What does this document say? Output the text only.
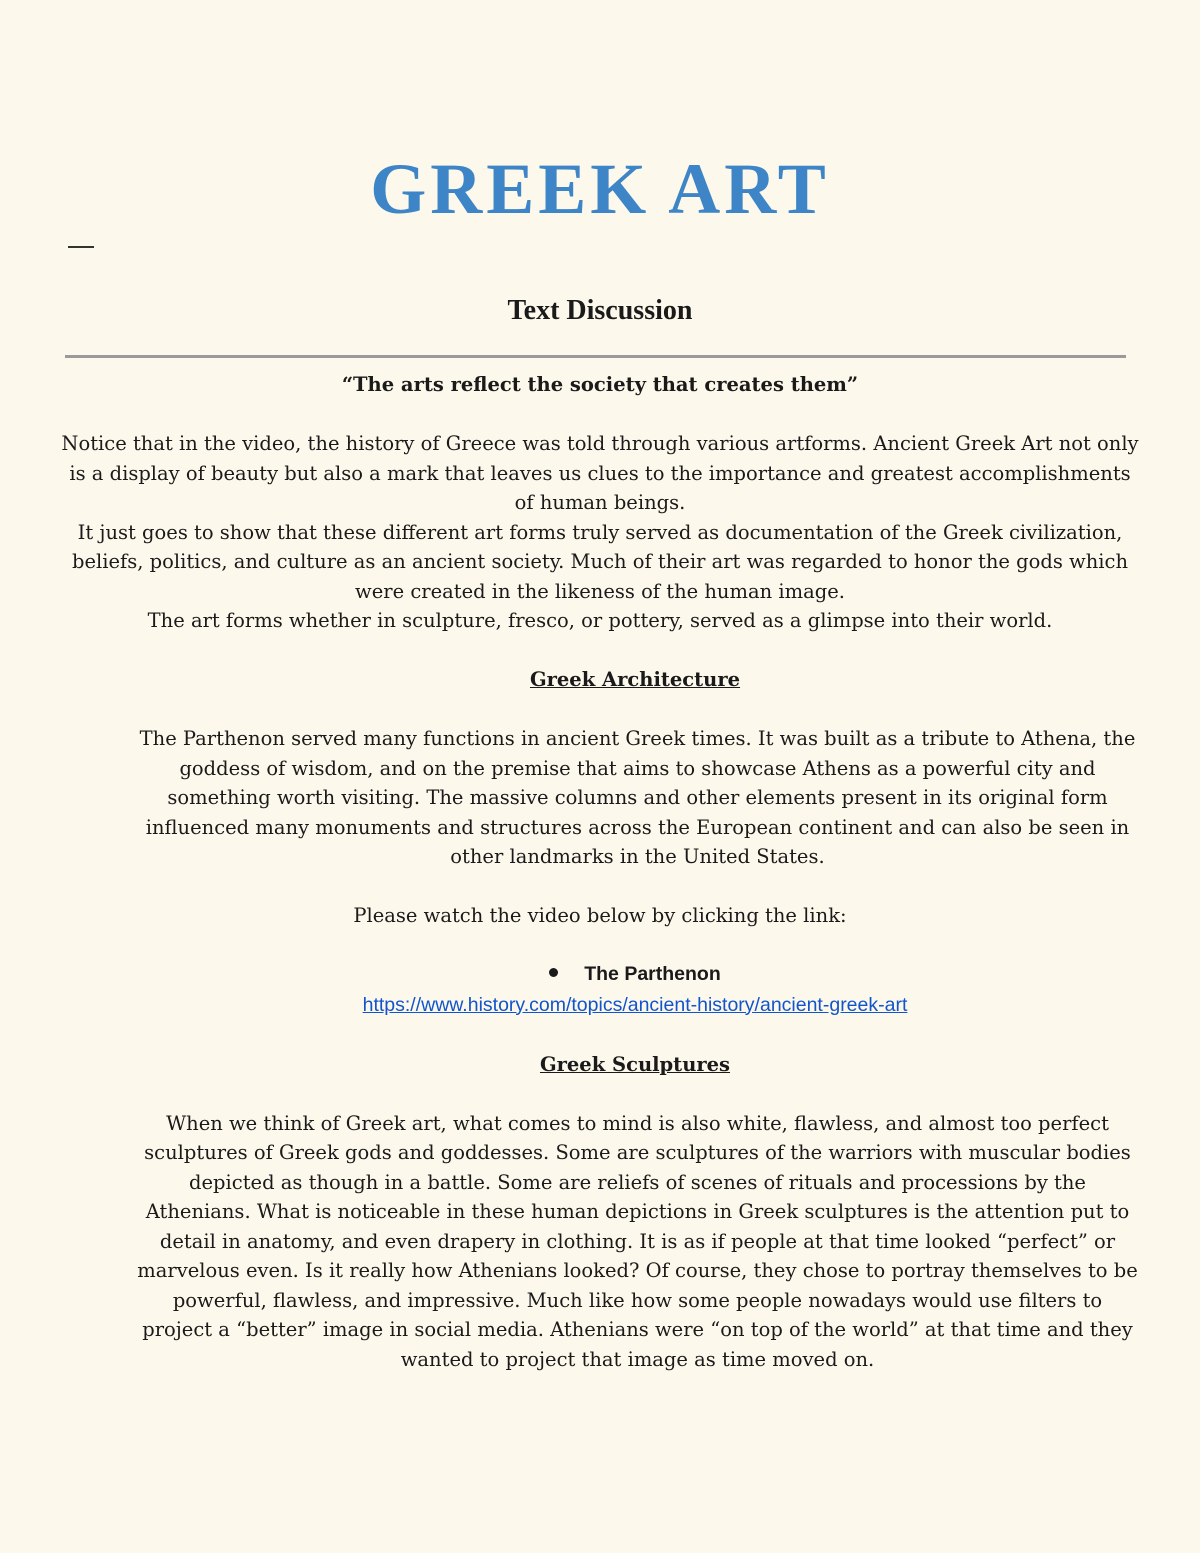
GREEK ART
Text Discussion

“The arts reflect the society that creates them”

Notice that in the video, the history of Greece was told through various artforms. Ancient Greek Art not only is a display of beauty but also a mark that leaves us clues to the importance and greatest accomplishments of human beings.

It just goes to show that these different art forms truly served as documentation of the Greek civilization, beliefs, politics, and culture as an ancient society. Much of their art was regarded to honor the gods which were created in the likeness of the human image.

The art forms whether in sculpture, fresco, or pottery, served as a glimpse into their world.

Greek Architecture

The Parthenon served many functions in ancient Greek times. It was built as a tribute to Athena, the goddess of wisdom, and on the premise that aims to showcase Athens as a powerful city and something worth visiting. The massive columns and other elements present in its original form influenced many monuments and structures across the European continent and can also be seen in other landmarks in the United States.

Please watch the video below by clicking the link:

The Parthenon

https://www.history.com/topics/ancient-history/ancient-greek-art

Greek Sculptures

When we think of Greek art, what comes to mind is also white, flawless, and almost too perfect sculptures of Greek gods and goddesses. Some are sculptures of the warriors with muscular bodies depicted as though in a battle. Some are reliefs of scenes of rituals and processions by the Athenians. What is noticeable in these human depictions in Greek sculptures is the attention put to detail in anatomy, and even drapery in clothing. It is as if people at that time looked “perfect” or marvelous even. Is it really how Athenians looked? Of course, they chose to portray themselves to be powerful, flawless, and impressive. Much like how some people nowadays would use filters to project a “better” image in social media. Athenians were “on top of the world” at that time and they wanted to project that image as time moved on.
